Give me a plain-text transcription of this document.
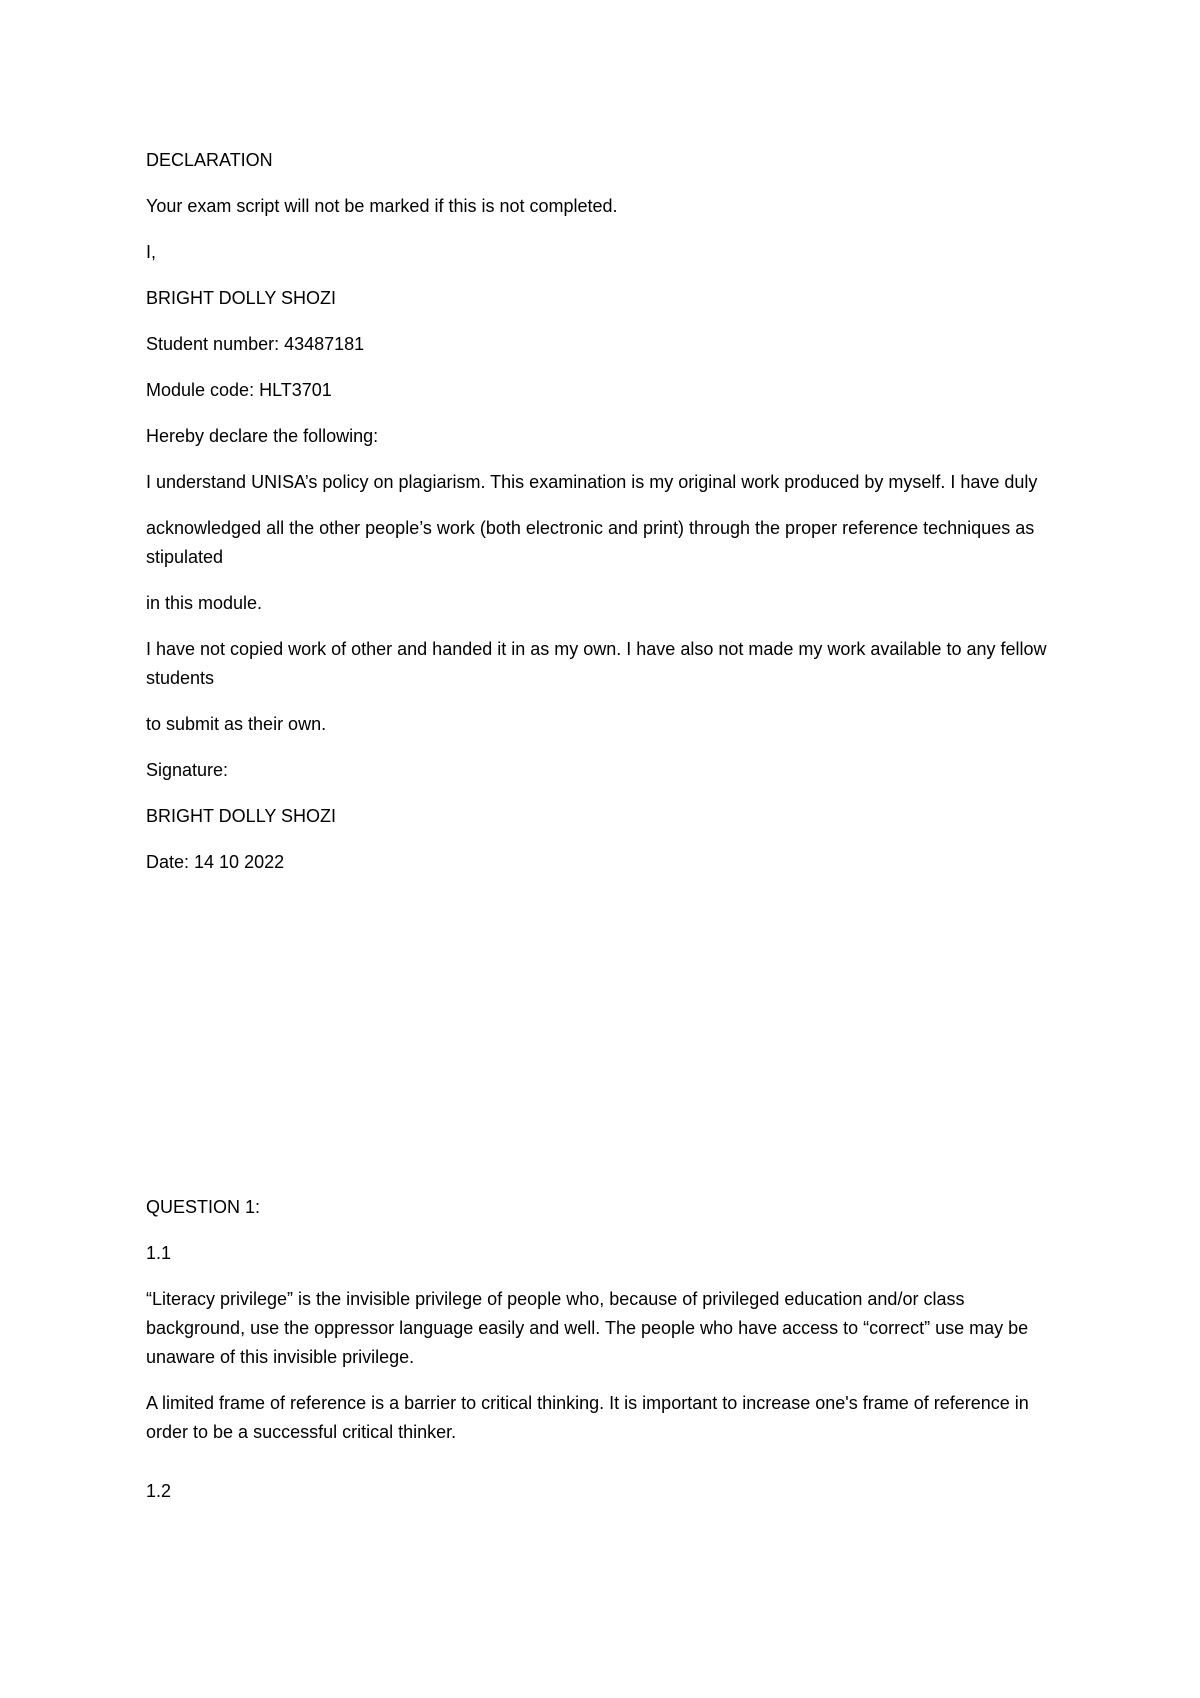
DECLARATION

Your exam script will not be marked if this is not completed.

I,

BRIGHT DOLLY SHOZI

Student number: 43487181

Module code: HLT3701

Hereby declare the following:

I understand UNISA’s policy on plagiarism. This examination is my original work produced by myself. I have duly

acknowledged all the other people’s work (both electronic and print) through the proper reference techniques as stipulated

in this module.

I have not copied work of other and handed it in as my own. I have also not made my work available to any fellow students

to submit as their own.

Signature:

BRIGHT DOLLY SHOZI

Date: 14 10 2022

QUESTION 1:

1.1

“Literacy privilege” is the invisible privilege of people who, because of privileged education and/or class background, use the oppressor language easily and well. The people who have access to “correct” use may be unaware of this invisible privilege.

A limited frame of reference is a barrier to critical thinking. It is important to increase one's frame of reference in order to be a successful critical thinker.

1.2
